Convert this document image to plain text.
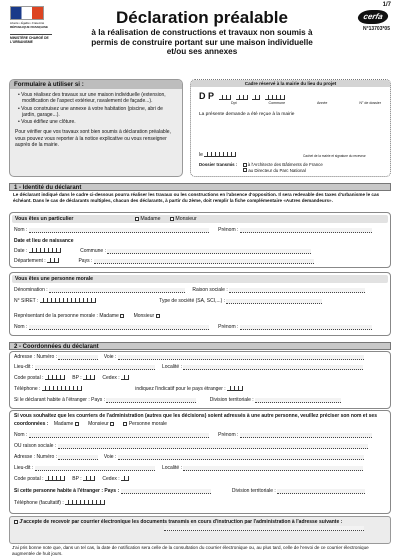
1/7
Liberté • Égalité • Fraternité
RÉPUBLIQUE FRANÇAISE
MINISTÈRE CHARGÉ DE L'URBANISME
Déclaration préalable
à la réalisation de constructions et travaux non soumis à permis de construire portant sur une maison individuelle et/ou ses annexes
cerfa
N°13703*05
Formulaire à utiliser si :
• Vous réalisez des travaux sur une maison individuelle (extension, modification de l'aspect extérieur, ravalement de façade...).
• Vous construisez une annexe à votre habitation (piscine, abri de jardin, garage...).
• Vous édifiez une clôture.
Pour vérifier que vos travaux sont bien soumis à déclaration préalable, vous pouvez vous reporter à la notice explicative ou vous renseigner auprès de la mairie.
Cadre réservé à la mairie du lieu du projet
D P
Dpt	Commune	Année	N° de dossier
La présente demande a été reçue à la mairie
le	Cachet de la mairie et signature du receveur
Dossier transmis : à l'Architecte des Bâtiments de France
au Directeur du Parc National
1 - Identité du déclarant
Le déclarant indiqué dans le cadre ci-dessous pourra réaliser les travaux ou les constructions en l'absence d'opposition. Il sera redevable des taxes d'urbanisme le cas échéant. Dans le cas de déclarants multiples, chacun des déclarants, à partir du 2ème, doit remplir la fiche complémentaire «Autres demandeurs».
Vous êtes un particulier	Madame	Monsieur
Nom :	Prénom :
Date et lieu de naissance
Date :	Commune :
Département :	Pays :
Vous êtes une personne morale
Dénomination :	Raison sociale :
N° SIRET :	Type de société (SA, SCI,...) :
Représentant de la personne morale : Madame	Monsieur
Nom :	Prénom :
2 - Coordonnées du déclarant
Adresse : Numéro :	Voie :
Lieu-dit :	Localité :
Code postal :	BP :	Cedex :
Téléphone :	indiquez l'indicatif pour le pays étranger :
Si le déclarant habite à l'étranger : Pays :	Division territoriale :
Si vous souhaitez que les courriers de l'administration (autres que les décisions) soient adressés à une autre personne, veuillez préciser son nom et ses coordonnées : Madame	Monsieur	Personne morale
Nom :	Prénom :
OU raison sociale :
Adresse : Numéro :	Voie :
Lieu-dit :	Localité :
Code postal :	BP :	Cedex :
Si cette personne habite à l'étranger : Pays :	Division territoriale :
Téléphone (facultatif) :
J'accepte de recevoir par courrier électronique les documents transmis en cours d'instruction par l'administration à l'adresse suivante :
J'ai pris bonne note que, dans un tel cas, la date de notification sera celle de la consultation du courrier électronique ou, au plus tard, celle de l'envoi de ce courrier électronique augmentée de huit jours.
